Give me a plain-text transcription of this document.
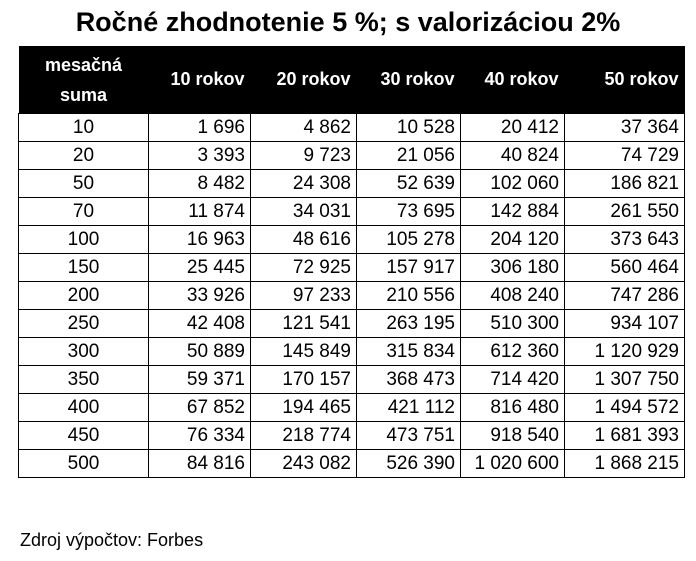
Ročné zhodnotenie 5 %; s valorizáciou 2%
mesačná suma	10 rokov	20 rokov	30 rokov	40 rokov	50 rokov
10	1 696	4 862	10 528	20 412	37 364
20	3 393	9 723	21 056	40 824	74 729
50	8 482	24 308	52 639	102 060	186 821
70	11 874	34 031	73 695	142 884	261 550
100	16 963	48 616	105 278	204 120	373 643
150	25 445	72 925	157 917	306 180	560 464
200	33 926	97 233	210 556	408 240	747 286
250	42 408	121 541	263 195	510 300	934 107
300	50 889	145 849	315 834	612 360	1 120 929
350	59 371	170 157	368 473	714 420	1 307 750
400	67 852	194 465	421 112	816 480	1 494 572
450	76 334	218 774	473 751	918 540	1 681 393
500	84 816	243 082	526 390	1 020 600	1 868 215
Zdroj výpočtov: Forbes
